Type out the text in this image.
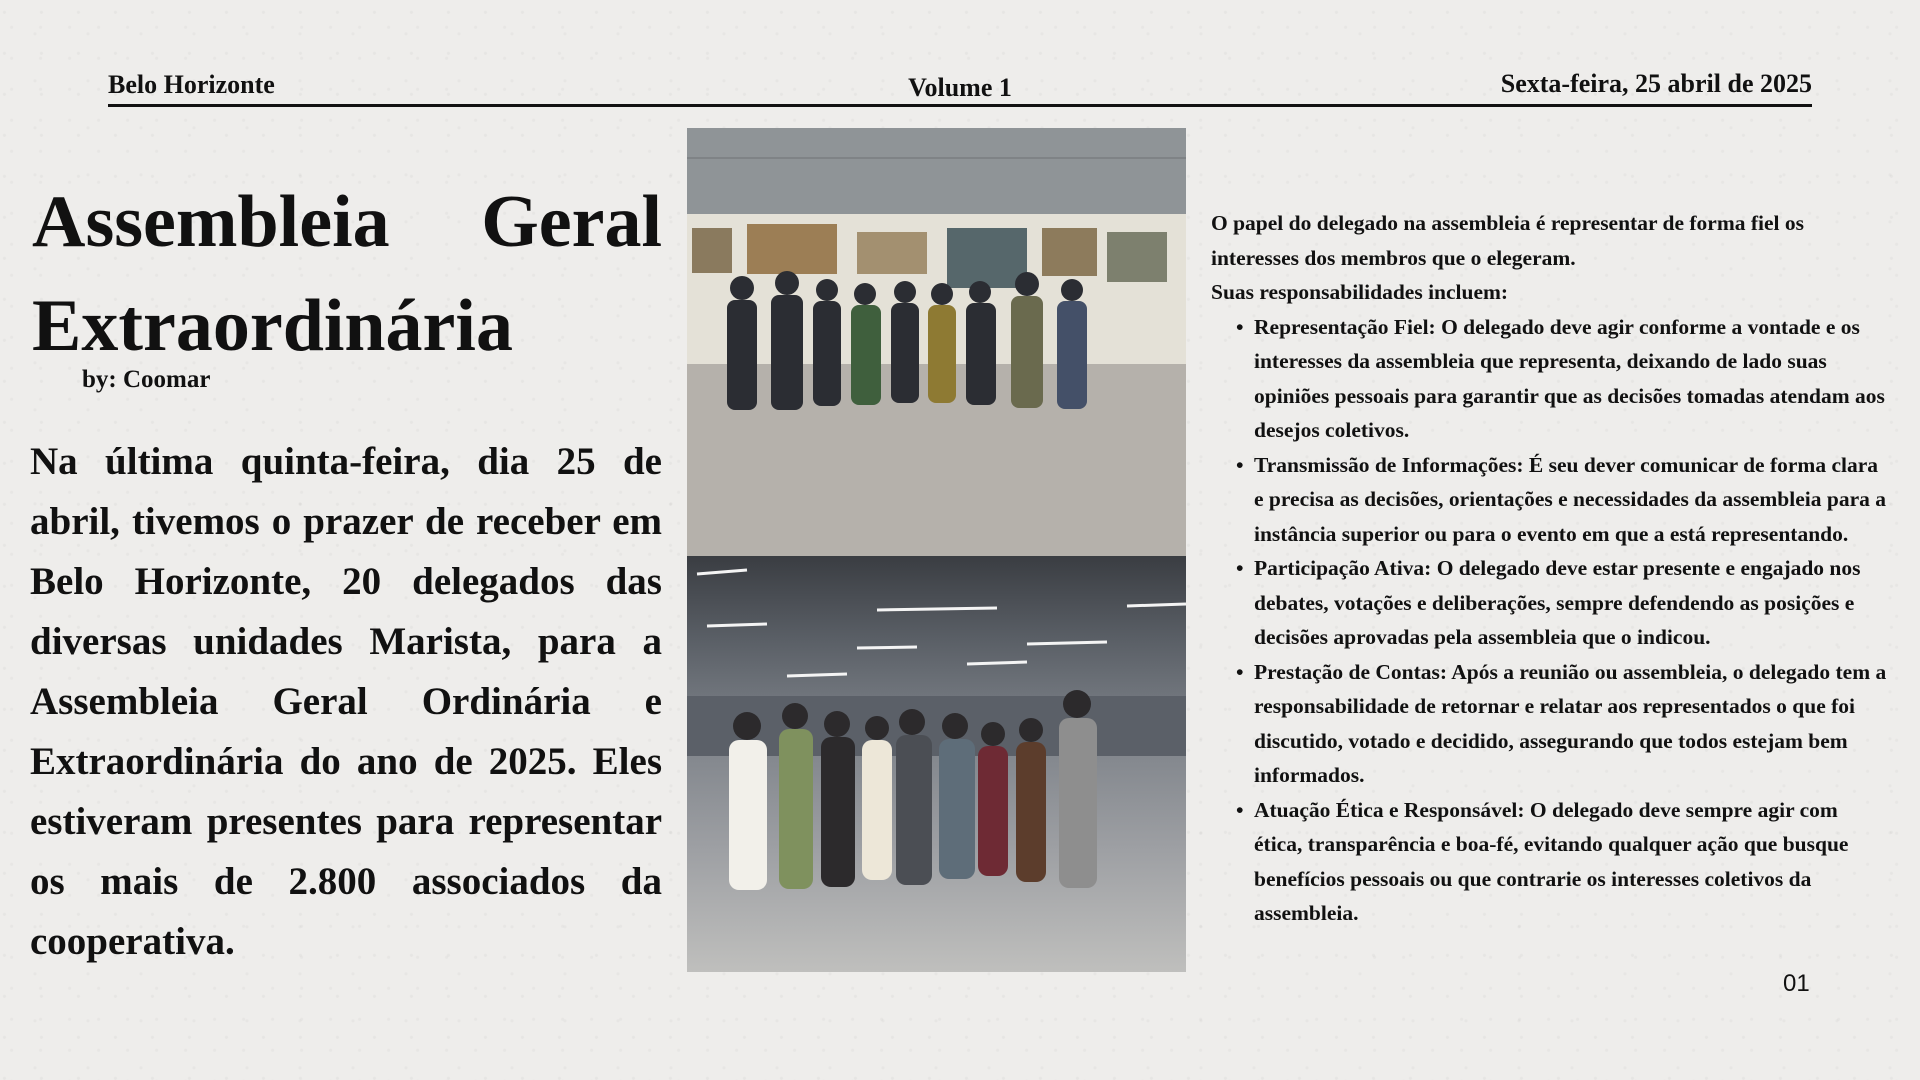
Belo Horizonte	Volume 1	Sexta-feira, 25 abril de 2025
Assembleia Geral Extraordinária
by: Coomar

Na última quinta-feira, dia 25 de abril, tivemos o prazer de receber em Belo Horizonte, 20 delegados das diversas unidades Marista, para a Assembleia Geral Ordinária e Extraordinária do ano de 2025. Eles estiveram presentes para representar os mais de 2.800 associados da cooperativa.

O papel do delegado na assembleia é representar de forma fiel os interesses dos membros que o elegeram.

Suas responsabilidades incluem:

• Representação Fiel: O delegado deve agir conforme a vontade e os interesses da assembleia que representa, deixando de lado suas opiniões pessoais para garantir que as decisões tomadas atendam aos desejos coletivos.
• Transmissão de Informações: É seu dever comunicar de forma clara e precisa as decisões, orientações e necessidades da assembleia para a instância superior ou para o evento em que a está representando.
• Participação Ativa: O delegado deve estar presente e engajado nos debates, votações e deliberações, sempre defendendo as posições e decisões aprovadas pela assembleia que o indicou.
• Prestação de Contas: Após a reunião ou assembleia, o delegado tem a responsabilidade de retornar e relatar aos representados o que foi discutido, votado e decidido, assegurando que todos estejam bem informados.
• Atuação Ética e Responsável: O delegado deve sempre agir com ética, transparência e boa-fé, evitando qualquer ação que busque benefícios pessoais ou que contrarie os interesses coletivos da assembleia.
01
